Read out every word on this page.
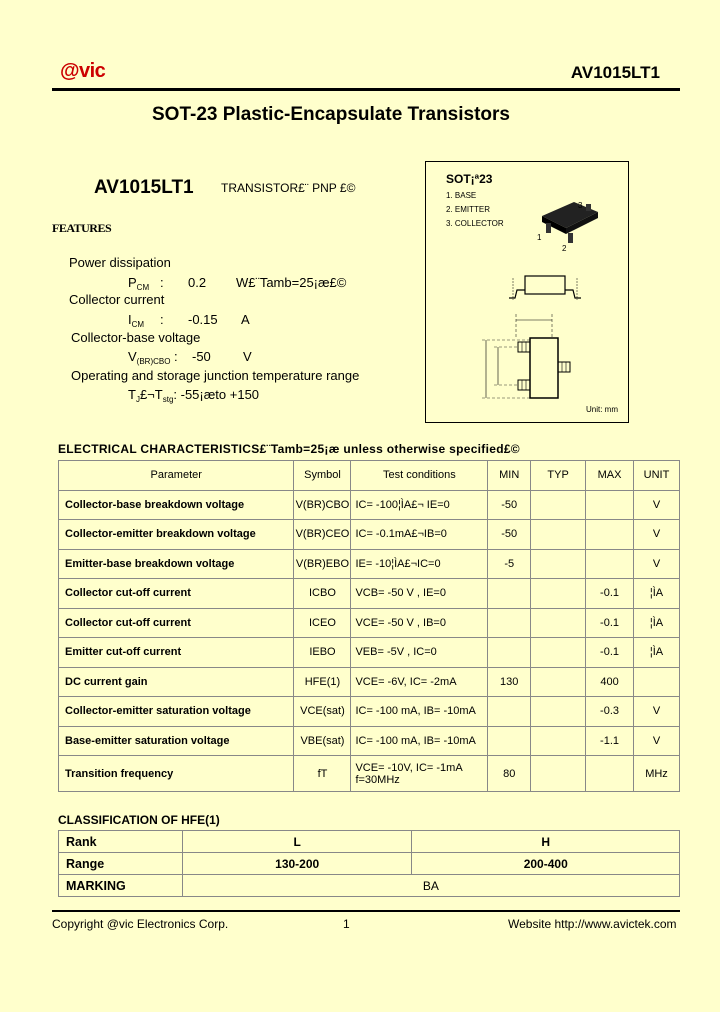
@vic	AV1015LT1
SOT-23 Plastic-Encapsulate Transistors
AV1015LT1 TRANSISTOR£¨ PNP £©
FEATURES
Power dissipation
$P_{CM}$ : 0.2 W£¨Tamb=25¡æ£©
Collector current
$I_{CM}$ : -0.15 A
Collector-base voltage
$V_{(BR)CBO}$ : -50 V
Operating and storage junction temperature range
$T_J£\neg T_{stg}$: -55¡æto +150
SOT¡ª23
1. BASE
2. EMITTER
3. COLLECTOR
1
2
3
Unit: mm
ELECTRICAL CHARACTERISTICS£¨Tamb=25¡æ unless otherwise specified£©
Parameter	Symbol	Test conditions	MIN	TYP	MAX	UNIT
Collector-base breakdown voltage	V(BR)CBO	IC= -100¦ÌA£¬ IE=0	-50			V
Collector-emitter breakdown voltage	V(BR)CEO	IC= -0.1mA£¬IB=0	-50			V
Emitter-base breakdown voltage	V(BR)EBO	IE= -10¦ÌA£¬IC=0	-5			V
Collector cut-off current	ICBO	VCB= -50 V , IE=0			-0.1	¦ÌA
Collector cut-off current	ICEO	VCE= -50 V , IB=0			-0.1	¦ÌA
Emitter cut-off current	IEBO	VEB= -5V , IC=0			-0.1	¦ÌA
DC current gain	HFE(1)	VCE= -6V, IC= -2mA	130		400	
Collector-emitter saturation voltage	VCE(sat)	IC= -100 mA, IB= -10mA			-0.3	V
Base-emitter saturation voltage	VBE(sat)	IC= -100 mA, IB= -10mA			-1.1	V
Transition frequency	fT	VCE= -10V, IC= -1mA
f=30MHz	80			MHz
CLASSIFICATION OF HFE(1)
Rank	L	H
Range	130-200	200-400
MARKING	BA	
Copyright @vic Electronics Corp.	1	Website http://www.avictek.com
